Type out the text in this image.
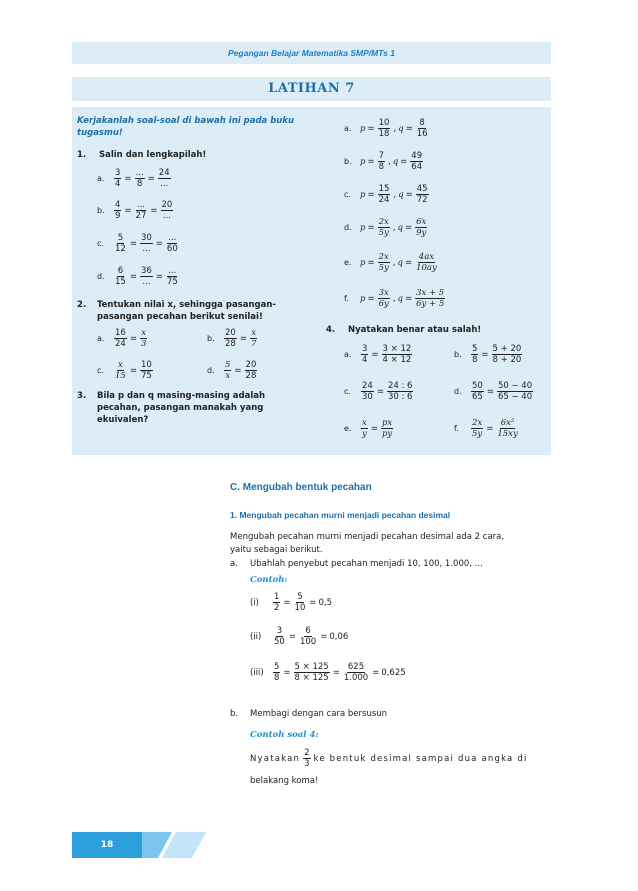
Pegangan Belajar Matematika SMP/MTs 1
LATIHAN 7
Kerjakanlah soal-soal di bawah ini pada buku tugasmu!
1.	Salin dan lengkapilah!
a.	$\frac{3}{4} = \frac{...}{8} = \frac{24}{...}$
b.	$\frac{4}{9} = \frac{...}{27} = \frac{20}{...}$
c.	$\frac{5}{12} = \frac{30}{...} = \frac{...}{60}$
d.	$\frac{6}{15} = \frac{36}{...} = \frac{...}{75}$
2. Tentukan nilai x, sehingga pasangan-
pasangan pecahan berikut senilai!
a.	$\frac{16}{24} = \frac{x}{3}$	b.	$\frac{20}{28} = \frac{x}{7}$
c.	$\frac{x}{15} = \frac{10}{75}$	d.	$\frac{5}{x} = \frac{20}{28}$
3. Bila p dan q masing-masing adalah
pecahan, pasangan manakah yang
ekuivalen?
a.	$p = \frac{10}{18}$ , $q = \frac{8}{16}$
b. $p = \frac{7}{8}$ , $q = \frac{49}{64}$
c.	$p = \frac{15}{24}$ , $q = \frac{45}{72}$
d. $p = \frac{2x}{5y}$ , $q = \frac{6x}{9y}$
e.	$p = \frac{2x}{5y}$ , $q = \frac{4ax}{10ay}$
f.	$p = \frac{3x}{6y}$ , $q = \frac{3x + 5}{6y + 5}$
4.	Nyatakan benar atau salah!
a.	$\frac{3}{4} = \frac{3 \times 12}{4 \times 12}$	b.	$\frac{5}{8} = \frac{5 + 20}{8 + 20}$
c.	$\frac{24}{30} = \frac{24 : 6}{30 : 6}$	d.	$\frac{50}{65} = \frac{50 - 40}{65 - 40}$
e.	$\frac{x}{y} = \frac{px}{py}$	f.	$\frac{2x}{5y} = \frac{\text{6x²}}{15xy}$
C. Mengubah bentuk pecahan
1. Mengubah pecahan murni menjadi pecahan desimal
Mengubah pecahan murni menjadi pecahan desimal ada 2 cara,
yaitu sebagai berikut.
a. Ubahlah penyebut pecahan menjadi 10, 100, 1.000, ...
Contoh:
(i)	$\frac{1}{2} = \frac{5}{10} = 0,5$
(ii)	$\frac{3}{50} = \frac{6}{100} = 0,06$
(iii)	$\frac{5}{8} = \frac{5 \times 125}{8 \times 125} = \frac{625}{1.000} = 0,625$
b. Membagi dengan cara bersusun
Contoh soal 4:
Nyatakan $\frac{2}{3}$ ke bentuk desimal sampai dua angka di
belakang koma!
18
